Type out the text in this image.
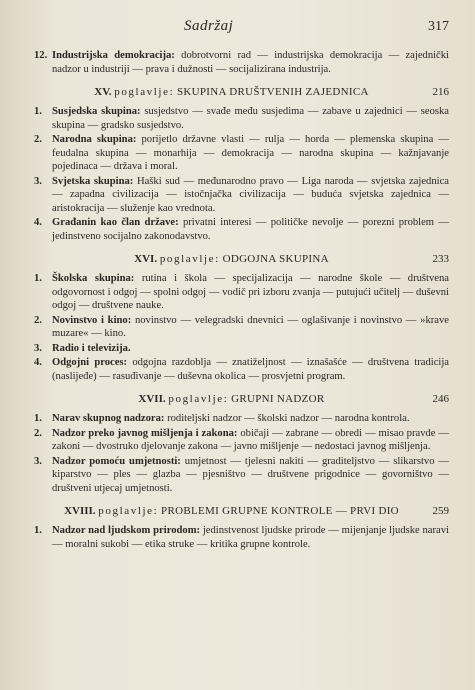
Sadržaj	317
12. Industrijska demokracija: dobrotvorni rad — industrijska demokracija — zajednički nadzor u industriji — prava i dužnosti — socijalizirana industrija.
XV. poglavlje: SKUPINA DRUŠTVENIH ZAJEDNICA	216
1. Susjedska skupina: susjedstvo — svađe među susjedima — zabave u zajednici — seoska skupina — gradsko susjedstvo.
2. Narodna skupina: porijetlo državne vlasti — rulja — horda — plemenska skupina — feudalna skupina — monarhija — demokracija — narodna skupina — kažnjavanje pojedinaca — država i moral.
3. Svjetska skupina: Haški sud — međunarodno pravo — Liga naroda — svjetska zajednica — zapadna civilizacija — istočnjačka civilizacija — buduća svjetska zajednica — aristokracija — služenje kao vrednota.
4. Građanin kao član države: privatni interesi — političke nevolje — porezni problem — jedinstveno socijalno zakonodavstvo.
XVI. poglavlje: ODGOJNA SKUPINA	233
1. Školska skupina: rutina i škola — specijalizacija — narodne škole — društvena odgovornost i odgoj — spolni odgoj — vodič pri izboru zvanja — putujući učitelj — duševni odgoj — društvene nauke.
2. Novinstvo i kino: novinstvo — velegradski dnevnici — oglašivanje i novinstvo — »krave muzare« — kino.
3. Radio i televizija.
4. Odgojni proces: odgojna razdoblja — znatiželjnost — iznašašće — društvena tradicija (naslijeđe) — rasuđivanje — duševna okolica — prosvjetni program.
XVII. poglavlje: GRUPNI NADZOR	246
1. Narav skupnog nadzora: roditeljski nadzor — školski nadzor — narodna kontrola.
2. Nadzor preko javnog mišljenja i zakona: običaji — zabrane — obredi — misao pravde — zakoni — dvostruko djelovanje zakona — javno mišljenje — nedostaci javnog mišljenja.
3. Nadzor pomoću umjetnosti: umjetnost — tjelesni nakiti — graditeljstvo — slikarstvo — kiparstvo — ples — glazba — pjesništvo — društvene prigodnice — govorništvo — društveni utjecaj umjetnosti.
XVIII. poglavlje: PROBLEMI GRUPNE KONTROLE — PRVI DIO	259
1. Nadzor nad ljudskom prirodom: jedinstvenost ljudske prirode — mijenjanje ljudske naravi — moralni sukobi — etika struke — kritika grupne kontrole.
